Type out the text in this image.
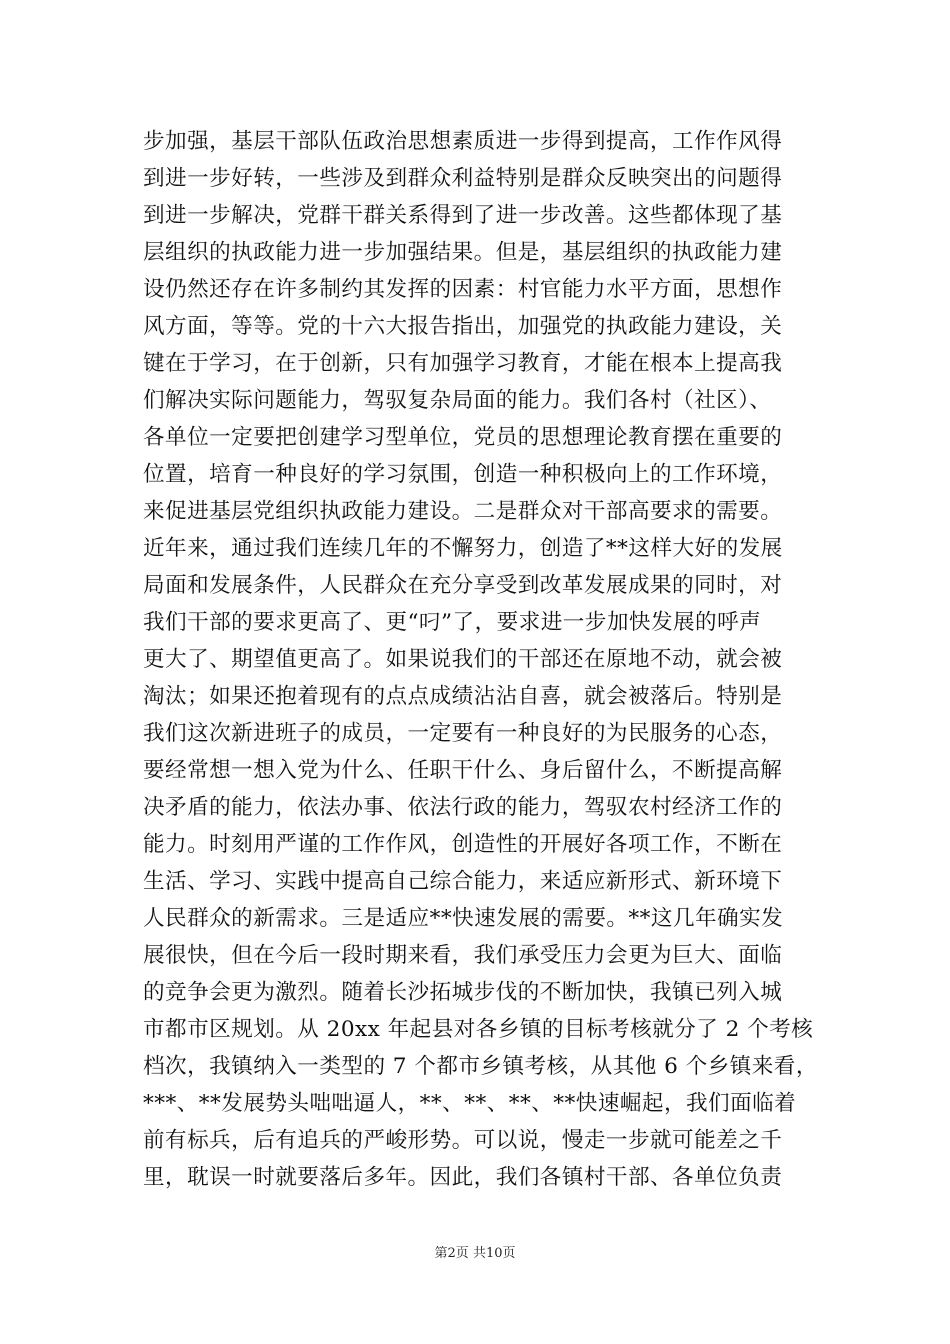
步加强，基层干部队伍政治思想素质进一步得到提高，工作作风得
到进一步好转，一些涉及到群众利益特别是群众反映突出的问题得
到进一步解决，党群干群关系得到了进一步改善。这些都体现了基
层组织的执政能力进一步加强结果。但是，基层组织的执政能力建
设仍然还存在许多制约其发挥的因素：村官能力水平方面，思想作
风方面，等等。党的十六大报告指出，加强党的执政能力建设，关
键在于学习，在于创新，只有加强学习教育，才能在根本上提高我
们解决实际问题能力，驾驭复杂局面的能力。我们各村（社区）、
各单位一定要把创建学习型单位，党员的思想理论教育摆在重要的
位置，培育一种良好的学习氛围，创造一种积极向上的工作环境，
来促进基层党组织执政能力建设。二是群众对干部高要求的需要。
近年来，通过我们连续几年的不懈努力，创造了**这样大好的发展
局面和发展条件，人民群众在充分享受到改革发展成果的同时，对
我们干部的要求更高了、更“叼”了，要求进一步加快发展的呼声
更大了、期望值更高了。如果说我们的干部还在原地不动，就会被
淘汰；如果还抱着现有的点点成绩沾沾自喜，就会被落后。特别是
我们这次新进班子的成员，一定要有一种良好的为民服务的心态，
要经常想一想入党为什么、任职干什么、身后留什么，不断提高解
决矛盾的能力，依法办事、依法行政的能力，驾驭农村经济工作的
能力。时刻用严谨的工作作风，创造性的开展好各项工作，不断在
生活、学习、实践中提高自己综合能力，来适应新形式、新环境下
人民群众的新需求。三是适应**快速发展的需要。**这几年确实发
展很快，但在今后一段时期来看，我们承受压力会更为巨大、面临
的竞争会更为激烈。随着长沙拓城步伐的不断加快，我镇已列入城
市都市区规划。从 20xx 年起县对各乡镇的目标考核就分了 2 个考核
档次，我镇纳入一类型的 7 个都市乡镇考核，从其他 6 个乡镇来看，
***、**发展势头咄咄逼人，**、**、**、**快速崛起，我们面临着
前有标兵，后有追兵的严峻形势。可以说，慢走一步就可能差之千
里，耽误一时就要落后多年。因此，我们各镇村干部、各单位负责
第2页 共10页
